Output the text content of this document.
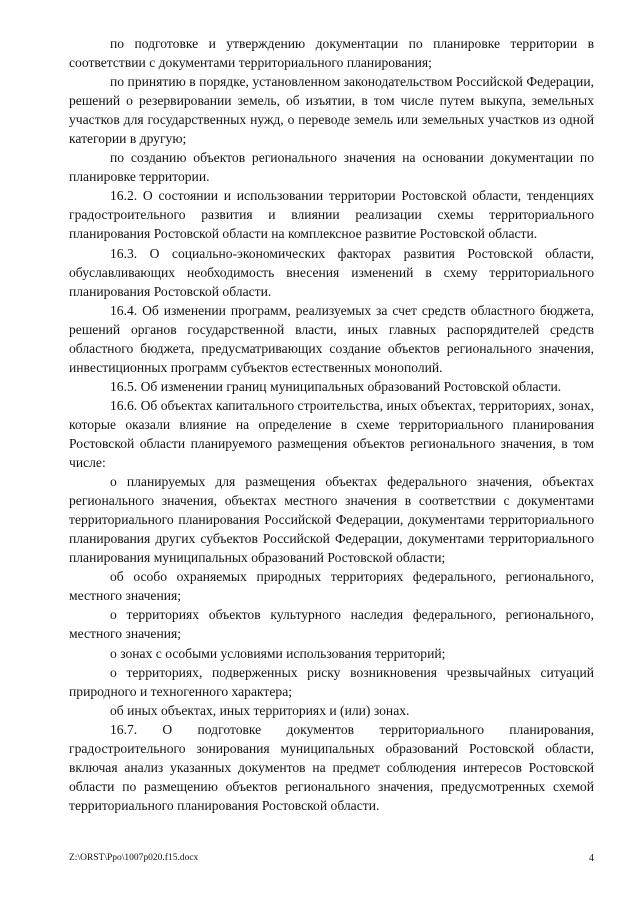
по подготовке и утверждению документации по планировке территории в соответствии с документами территориального планирования;

по принятию в порядке, установленном законодательством Российской Федерации, решений о резервировании земель, об изъятии, в том числе путем выкупа, земельных участков для государственных нужд, о переводе земель или земельных участков из одной категории в другую;

по созданию объектов регионального значения на основании документации по планировке территории.

16.2. О состоянии и использовании территории Ростовской области, тенденциях градостроительного развития и влиянии реализации схемы территориального планирования Ростовской области на комплексное развитие Ростовской области.

16.3. О социально-экономических факторах развития Ростовской области, обуславливающих необходимость внесения изменений в схему территориального планирования Ростовской области.

16.4. Об изменении программ, реализуемых за счет средств областного бюджета, решений органов государственной власти, иных главных распорядителей средств областного бюджета, предусматривающих создание объектов регионального значения, инвестиционных программ субъектов естественных монополий.

16.5. Об изменении границ муниципальных образований Ростовской области.

16.6. Об объектах капитального строительства, иных объектах, территориях, зонах, которые оказали влияние на определение в схеме территориального планирования Ростовской области планируемого размещения объектов регионального значения, в том числе:

о планируемых для размещения объектах федерального значения, объектах регионального значения, объектах местного значения в соответствии с документами территориального планирования Российской Федерации, документами территориального планирования других субъектов Российской Федерации, документами территориального планирования муниципальных образований Ростовской области;

об особо охраняемых природных территориях федерального, регионального, местного значения;

о территориях объектов культурного наследия федерального, регионального, местного значения;

о зонах с особыми условиями использования территорий;

о территориях, подверженных риску возникновения чрезвычайных ситуаций природного и техногенного характера;

об иных объектах, иных территориях и (или) зонах.

16.7. О подготовке документов территориального планирования, градостроительного зонирования муниципальных образований Ростовской области, включая анализ указанных документов на предмет соблюдения интересов Ростовской области по размещению объектов регионального значения, предусмотренных схемой территориального планирования Ростовской области.

Z:\ORST\Ppo\1007p020.f15.docx	4
